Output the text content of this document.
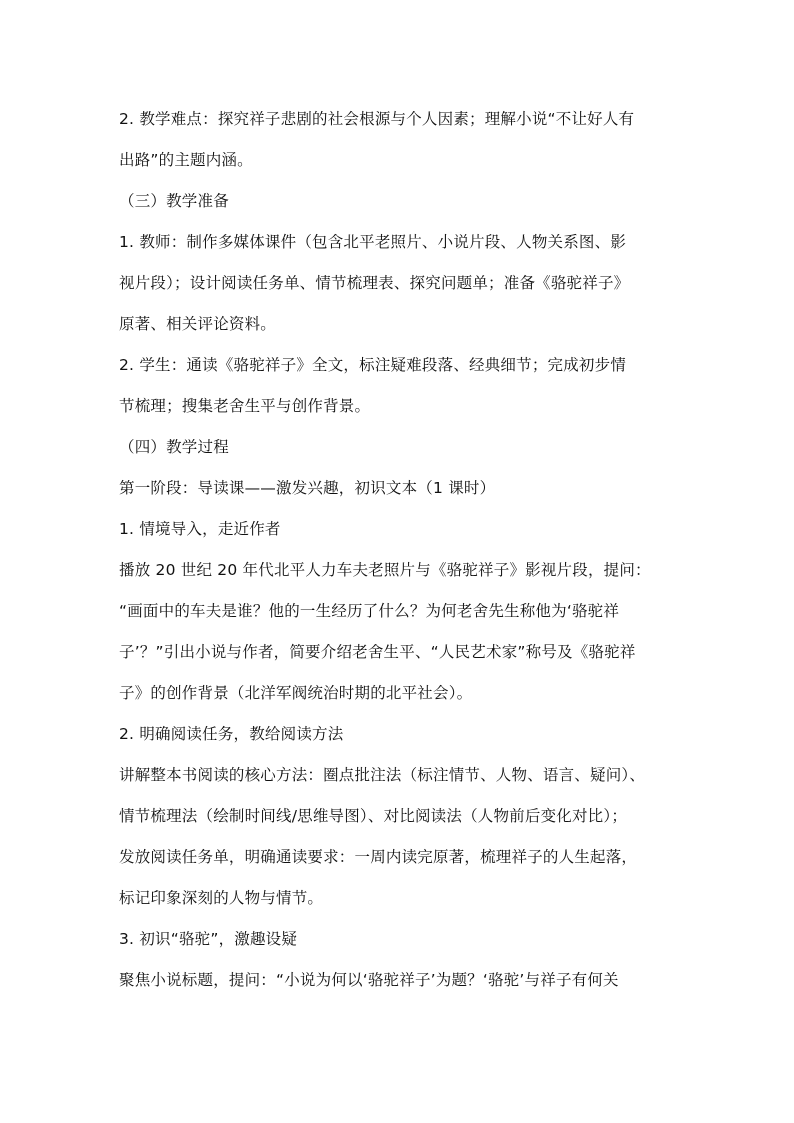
2. 教学难点：探究祥子悲剧的社会根源与个人因素；理解小说“不让好人有
出路”的主题内涵。
（三）教学准备
1. 教师：制作多媒体课件（包含北平老照片、小说片段、人物关系图、影
视片段）；设计阅读任务单、情节梳理表、探究问题单；准备《骆驼祥子》
原著、相关评论资料。
2. 学生：通读《骆驼祥子》全文，标注疑难段落、经典细节；完成初步情
节梳理；搜集老舍生平与创作背景。
（四）教学过程
第一阶段：导读课——激发兴趣，初识文本（1 课时）
1. 情境导入，走近作者
播放 20 世纪 20 年代北平人力车夫老照片与《骆驼祥子》影视片段，提问：
“画面中的车夫是谁？他的一生经历了什么？为何老舍先生称他为‘骆驼祥
子’？”引出小说与作者，简要介绍老舍生平、“人民艺术家”称号及《骆驼祥
子》的创作背景（北洋军阀统治时期的北平社会）。
2. 明确阅读任务，教给阅读方法
讲解整本书阅读的核心方法：圈点批注法（标注情节、人物、语言、疑问）、
情节梳理法（绘制时间线/思维导图）、对比阅读法（人物前后变化对比）；
发放阅读任务单，明确通读要求：一周内读完原著，梳理祥子的人生起落，
标记印象深刻的人物与情节。
3. 初识“骆驼”，激趣设疑
聚焦小说标题，提问：“小说为何以‘骆驼祥子’为题？‘骆驼’与祥子有何关
